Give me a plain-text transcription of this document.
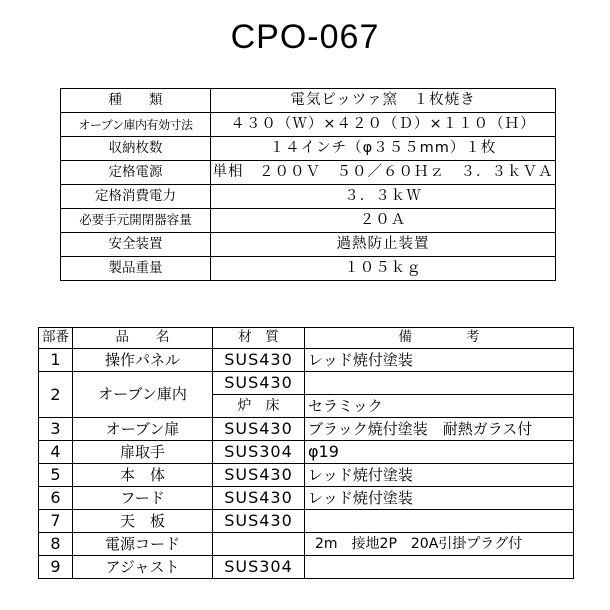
CPO-067
種　　類	電気ピッツァ窯　１枚焼き
オーブン庫内有効寸法	４３０（Ｗ）×４２０（Ｄ）×１１０（Ｈ）
収納枚数	１４インチ（φ３５５mm）１枚
定格電源	単相　２００Ｖ　５０／６０Ｈｚ　３．３ｋＶＡ
定格消費電力	３．３ｋＷ
必要手元開閉器容量	２０Ａ
安全装置	過熱防止装置
製品重量	１０５ｋｇ
部番	品　　名	材　質	備　　　　考
1	操作パネル	SUS430	レッド焼付塗装
2	オーブン庫内	SUS430	
		炉　床	セラミック
3	オーブン扉	SUS430	ブラック焼付塗装　耐熱ガラス付
4	扉取手	SUS304	φ19
5	本　体	SUS430	レッド焼付塗装
6	フード	SUS430	レッド焼付塗装
7	天　板	SUS430	
8	電源コード		2m　接地2P　20A引掛プラグ付
9	アジャスト	SUS304	
